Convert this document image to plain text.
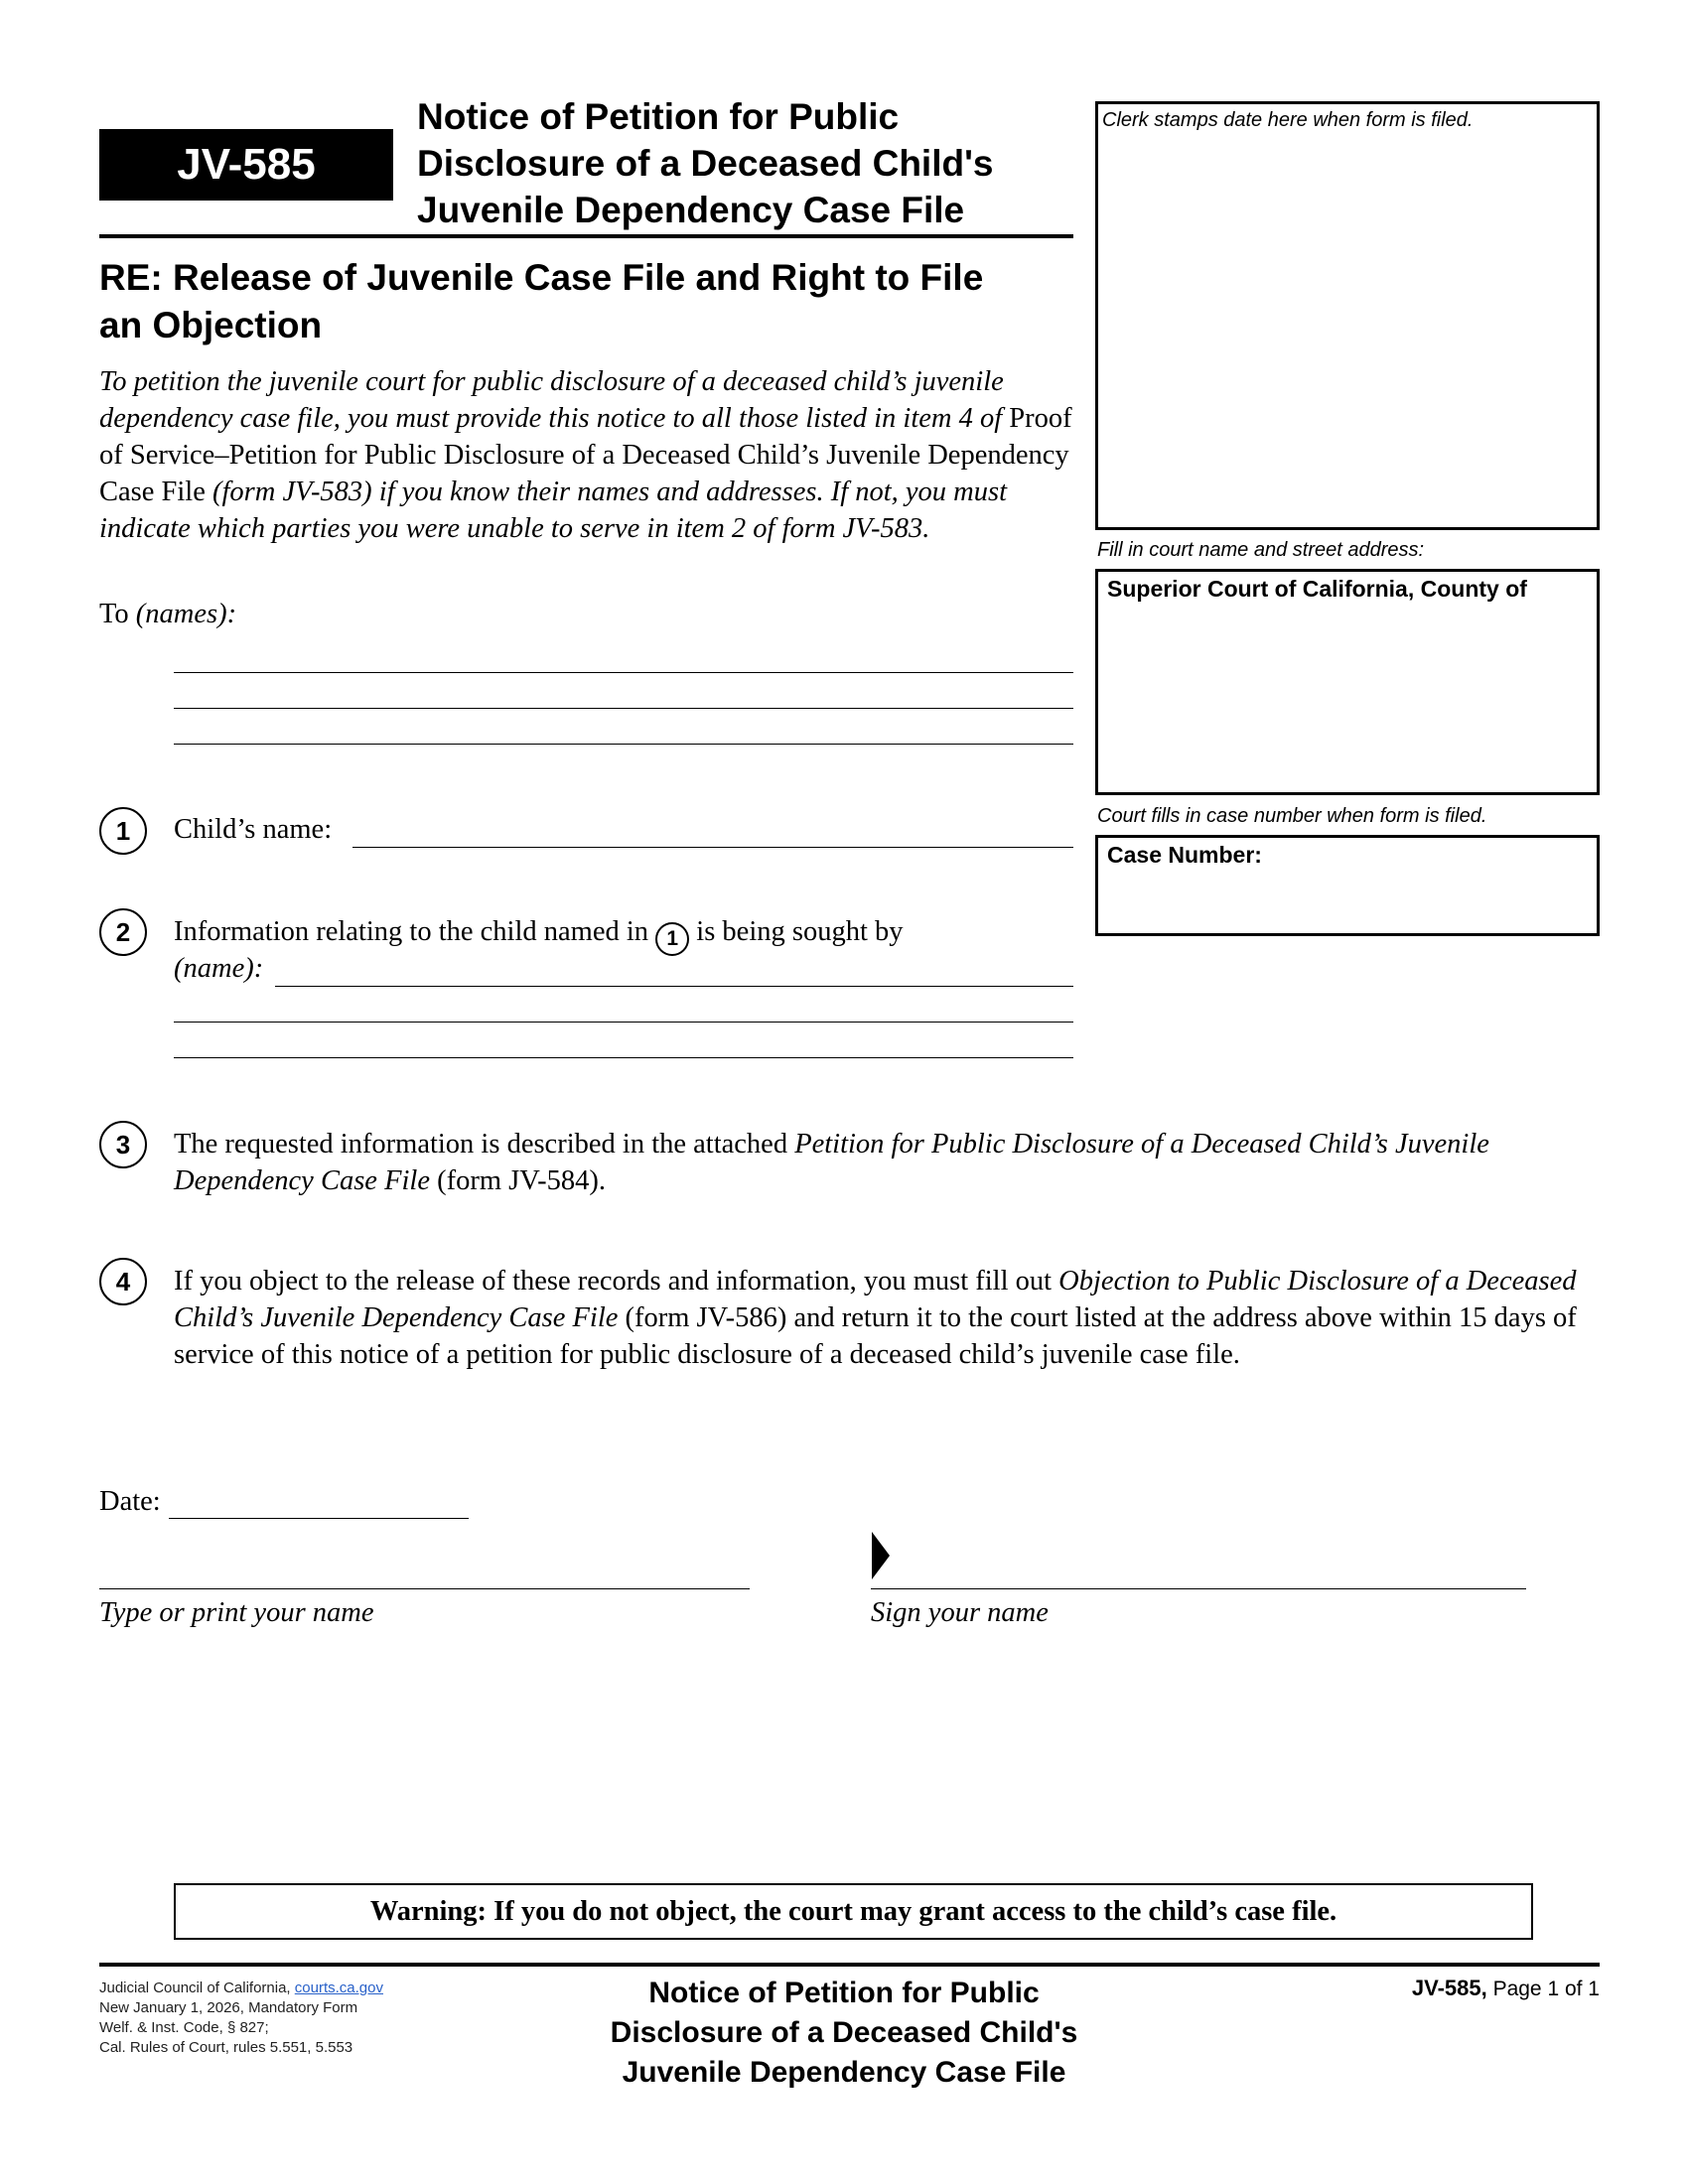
JV-585
Notice of Petition for Public
Disclosure of a Deceased Child's
Juvenile Dependency Case File
RE: Release of Juvenile Case File and Right to File
an Objection
To petition the juvenile court for public disclosure of a deceased child’s juvenile dependency case file, you must provide this notice to all those listed in item 4 of Proof of Service–Petition for Public Disclosure of a Deceased Child’s Juvenile Dependency Case File (form JV-583) if you know their names and addresses. If not, you must indicate which parties you were unable to serve in item 2 of form JV-583.
To (names):
Clerk stamps date here when form is filed.
Fill in court name and street address:
Superior Court of California, County of
Court fills in case number when form is filed.
Case Number:
1	Child’s name:
2	Information relating to the child named in 1 is being sought by
(name):
3	The requested information is described in the attached Petition for Public Disclosure of a Deceased Child’s Juvenile Dependency Case File (form JV-584).
4	If you object to the release of these records and information, you must fill out Objection to Public Disclosure of a Deceased Child’s Juvenile Dependency Case File (form JV-586) and return it to the court listed at the address above within 15 days of service of this notice of a petition for public disclosure of a deceased child’s juvenile case file.
Date:
Type or print your name	Sign your name
Warning: If you do not object, the court may grant access to the child’s case file.
Judicial Council of California, courts.ca.gov
New January 1, 2026, Mandatory Form
Welf. & Inst. Code, § 827;
Cal. Rules of Court, rules 5.551, 5.553
Notice of Petition for Public
Disclosure of a Deceased Child's
Juvenile Dependency Case File
JV-585, Page 1 of 1
